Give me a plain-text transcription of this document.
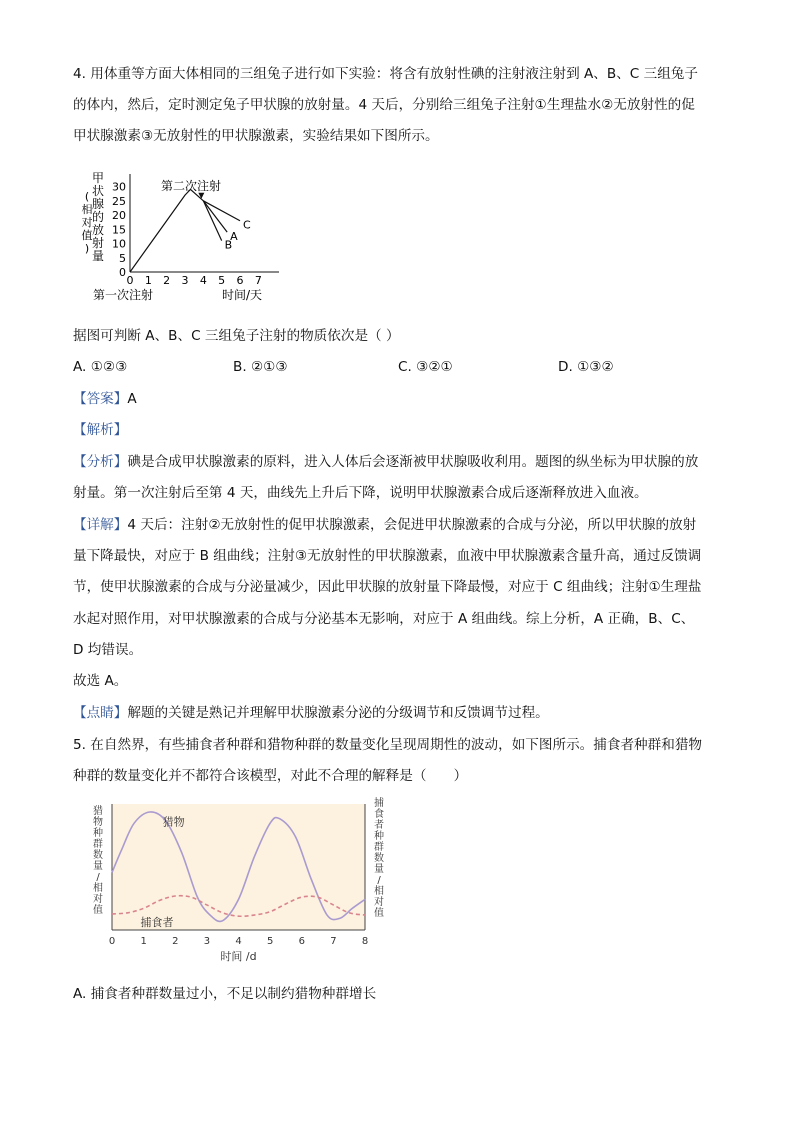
4. 用体重等方面大体相同的三组兔子进行如下实验：将含有放射性碘的注射液注射到 A、B、C 三组兔子
的体内，然后，定时测定兔子甲状腺的放射量。4 天后，分别给三组兔子注射①生理盐水②无放射性的促
甲状腺激素③无放射性的甲状腺激素，实验结果如下图所示。
甲
状
腺
的
放
射
量
(
相
对
值
)
0
5
10
15
20
25
30
0 1 2 3 4 5 6 7
A
B
C
第二次注射
第一次注射	时间/天
据图可判断 A、B、C 三组兔子注射的物质依次是（ ）
A. ①②③	B. ②①③	C. ③②①	D. ①③②
【答案】A
【解析】
【分析】碘是合成甲状腺激素的原料，进入人体后会逐渐被甲状腺吸收利用。题图的纵坐标为甲状腺的放
射量。第一次注射后至第 4 天，曲线先上升后下降，说明甲状腺激素合成后逐渐释放进入血液。
【详解】4 天后：注射②无放射性的促甲状腺激素，会促进甲状腺激素的合成与分泌，所以甲状腺的放射
量下降最快，对应于 B 组曲线；注射③无放射性的甲状腺激素，血液中甲状腺激素含量升高，通过反馈调
节，使甲状腺激素的合成与分泌量减少，因此甲状腺的放射量下降最慢，对应于 C 组曲线；注射①生理盐
水起对照作用，对甲状腺激素的合成与分泌基本无影响，对应于 A 组曲线。综上分析，A 正确，B、C、
D 均错误。
故选 A。
【点睛】解题的关键是熟记并理解甲状腺激素分泌的分级调节和反馈调节过程。
5. 在自然界，有些捕食者种群和猎物种群的数量变化呈现周期性的波动，如下图所示。捕食者种群和猎物
种群的数量变化并不都符合该模型，对此不合理的解释是（　　）
0	1	2	3	4	5	6	7	8
时间 /d
猎
物
种
群
数
量
/
相
对
值
捕
食
者
种
群
数
量
/
相
对
值
猎物
捕食者
A. 捕食者种群数量过小，不足以制约猎物种群增长
